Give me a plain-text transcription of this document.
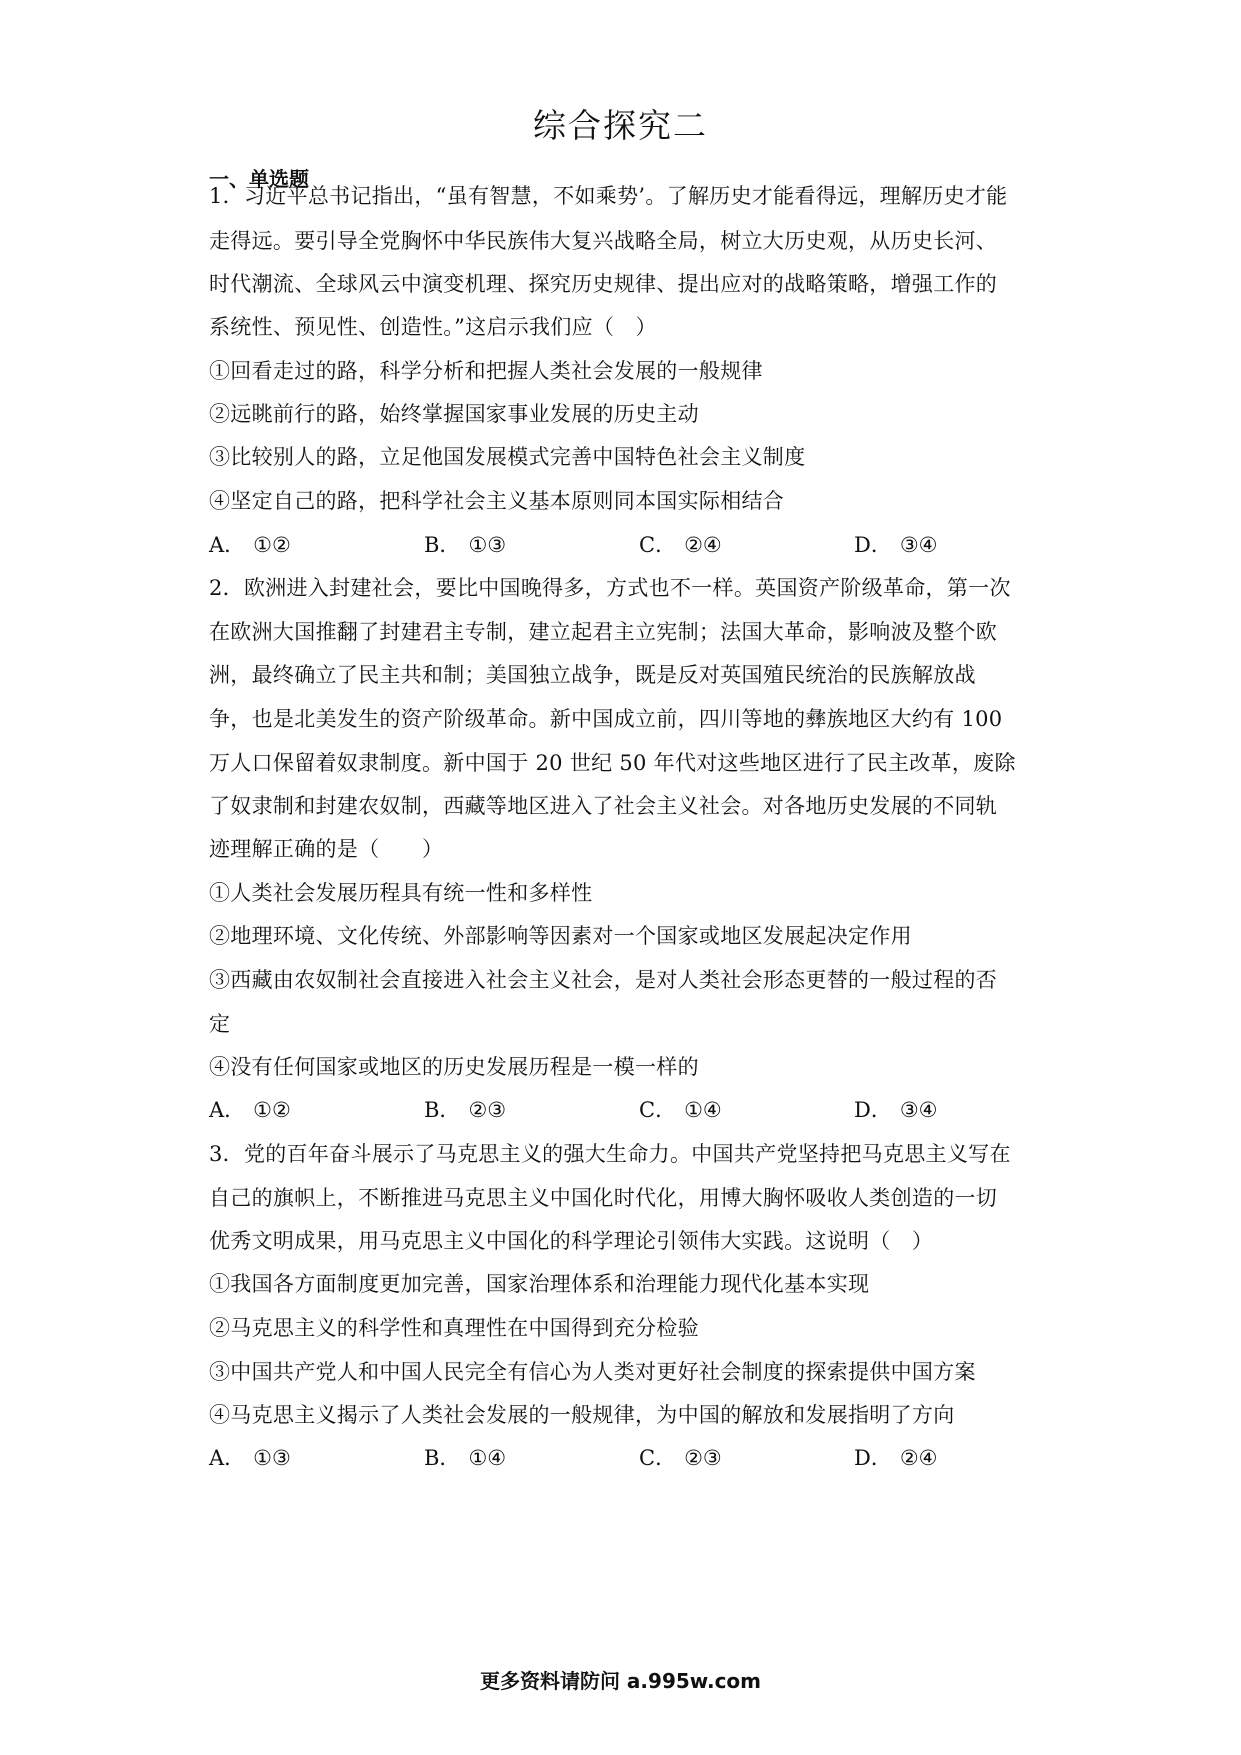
综合探究二
一、单选题
1．习近平总书记指出，“虽有智慧，不如乘势’。了解历史才能看得远，理解历史才能
走得远。要引导全党胸怀中华民族伟大复兴战略全局，树立大历史观，从历史长河、
时代潮流、全球风云中演变机理、探究历史规律、提出应对的战略策略，增强工作的
系统性、预见性、创造性。”这启示我们应（　）
①回看走过的路，科学分析和把握人类社会发展的一般规律
②远眺前行的路，始终掌握国家事业发展的历史主动
③比较别人的路，立足他国发展模式完善中国特色社会主义制度
④坚定自己的路，把科学社会主义基本原则同本国实际相结合
A． ①②	B． ①③	C． ②④	D． ③④
2．欧洲进入封建社会，要比中国晚得多，方式也不一样。英国资产阶级革命，第一次
在欧洲大国推翻了封建君主专制，建立起君主立宪制；法国大革命，影响波及整个欧
洲，最终确立了民主共和制；美国独立战争，既是反对英国殖民统治的民族解放战
争，也是北美发生的资产阶级革命。新中国成立前，四川等地的彝族地区大约有 100
万人口保留着奴隶制度。新中国于 20 世纪 50 年代对这些地区进行了民主改革，废除
了奴隶制和封建农奴制，西藏等地区进入了社会主义社会。对各地历史发展的不同轨
迹理解正确的是（　　）
①人类社会发展历程具有统一性和多样性
②地理环境、文化传统、外部影响等因素对一个国家或地区发展起决定作用
③西藏由农奴制社会直接进入社会主义社会，是对人类社会形态更替的一般过程的否
定
④没有任何国家或地区的历史发展历程是一模一样的
A． ①②	B． ②③	C． ①④	D． ③④
3．党的百年奋斗展示了马克思主义的强大生命力。中国共产党坚持把马克思主义写在
自己的旗帜上，不断推进马克思主义中国化时代化，用博大胸怀吸收人类创造的一切
优秀文明成果，用马克思主义中国化的科学理论引领伟大实践。这说明（　）
①我国各方面制度更加完善，国家治理体系和治理能力现代化基本实现
②马克思主义的科学性和真理性在中国得到充分检验
③中国共产党人和中国人民完全有信心为人类对更好社会制度的探索提供中国方案
④马克思主义揭示了人类社会发展的一般规律，为中国的解放和发展指明了方向
A． ①③	B． ①④	C． ②③	D． ②④
更多资料请防问 a.995w.com
